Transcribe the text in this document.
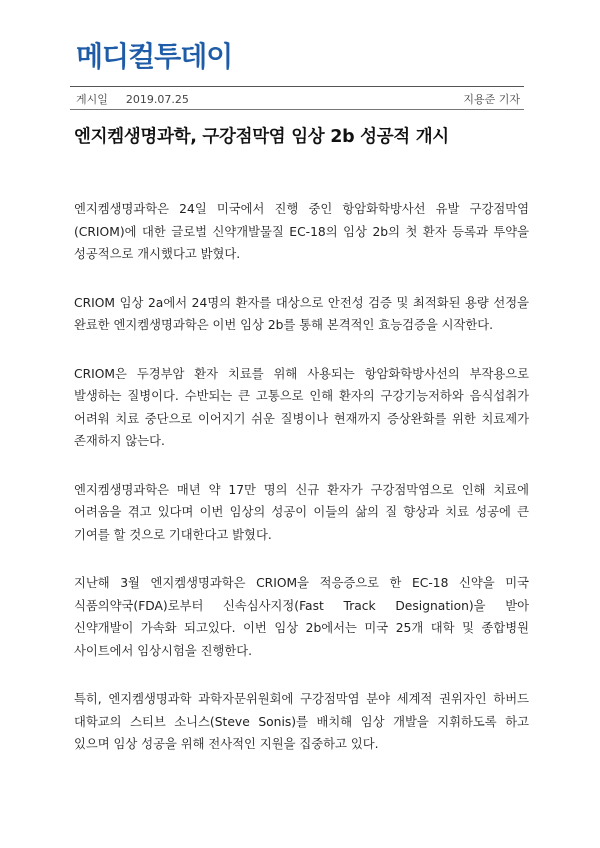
메디컬투데이
게시일 2019.07.25	지용준 기자
엔지켐생명과학, 구강점막염 임상 2b 성공적 개시

엔지켐생명과학은 24일 미국에서 진행 중인 항암화학방사선 유발 구강점막염(CRIOM)에 대한 글로벌 신약개발물질 EC-18의 임상 2b의 첫 환자 등록과 투약을 성공적으로 개시했다고 밝혔다.

CRIOM 임상 2a에서 24명의 환자를 대상으로 안전성 검증 및 최적화된 용량 선정을 완료한 엔지켐생명과학은 이번 임상 2b를 통해 본격적인 효능검증을 시작한다.

CRIOM은 두경부암 환자 치료를 위해 사용되는 항암화학방사선의 부작용으로 발생하는 질병이다. 수반되는 큰 고통으로 인해 환자의 구강기능저하와 음식섭취가 어려워 치료 중단으로 이어지기 쉬운 질병이나 현재까지 증상완화를 위한 치료제가 존재하지 않는다.

엔지켐생명과학은 매년 약 17만 명의 신규 환자가 구강점막염으로 인해 치료에 어려움을 겪고 있다며 이번 임상의 성공이 이들의 삶의 질 향상과 치료 성공에 큰 기여를 할 것으로 기대한다고 밝혔다.

지난해 3월 엔지켐생명과학은 CRIOM을 적응증으로 한 EC-18 신약을 미국 식품의약국(FDA)로부터 신속심사지정(Fast Track Designation)을 받아 신약개발이 가속화 되고있다. 이번 임상 2b에서는 미국 25개 대학 및 종합병원 사이트에서 임상시험을 진행한다.

특히, 엔지켐생명과학 과학자문위원회에 구강점막염 분야 세계적 권위자인 하버드 대학교의 스티브 소니스(Steve Sonis)를 배치해 임상 개발을 지휘하도록 하고 있으며 임상 성공을 위해 전사적인 지원을 집중하고 있다.
